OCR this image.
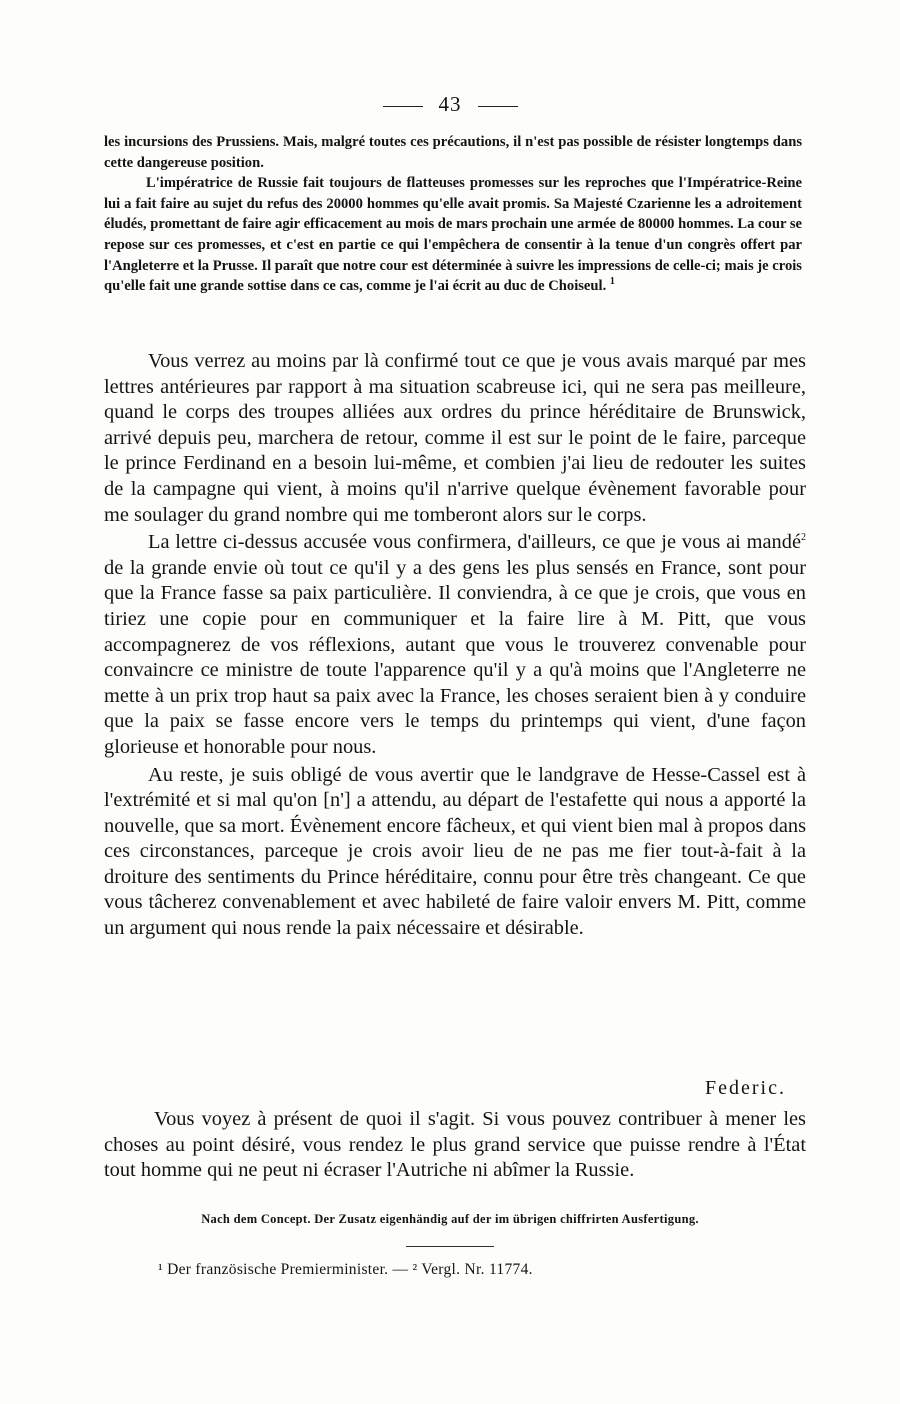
43

les incursions des Prussiens. Mais, malgré toutes ces précautions, il n'est pas possible de résister longtemps dans cette dangereuse position.

L'impératrice de Russie fait toujours de flatteuses promesses sur les reproches que l'Impératrice-Reine lui a fait faire au sujet du refus des 20000 hommes qu'elle avait promis. Sa Majesté Czarienne les a adroitement éludés, promettant de faire agir efficacement au mois de mars prochain une armée de 80000 hommes. La cour se repose sur ces promesses, et c'est en partie ce qui l'empêchera de consentir à la tenue d'un congrès offert par l'Angleterre et la Prusse. Il paraît que notre cour est déterminée à suivre les impressions de celle-ci; mais je crois qu'elle fait une grande sottise dans ce cas, comme je l'ai écrit au duc de Choiseul. $^1$

Vous verrez au moins par là confirmé tout ce que je vous avais marqué par mes lettres antérieures par rapport à ma situation scabreuse ici, qui ne sera pas meilleure, quand le corps des troupes alliées aux ordres du prince héréditaire de Brunswick, arrivé depuis peu, marchera de retour, comme il est sur le point de le faire, parceque le prince Ferdinand en a besoin lui-même, et combien j'ai lieu de redouter les suites de la campagne qui vient, à moins qu'il n'arrive quelque évènement favorable pour me soulager du grand nombre qui me tomberont alors sur le corps.

La lettre ci-dessus accusée vous confirmera, d'ailleurs, ce que je vous ai mandé$^2$ de la grande envie où tout ce qu'il y a des gens les plus sensés en France, sont pour que la France fasse sa paix particulière. Il conviendra, à ce que je crois, que vous en tiriez une copie pour en communiquer et la faire lire à M. Pitt, que vous accompagnerez de vos réflexions, autant que vous le trouverez convenable pour convaincre ce ministre de toute l'apparence qu'il y a qu'à moins que l'Angleterre ne mette à un prix trop haut sa paix avec la France, les choses seraient bien à y conduire que la paix se fasse encore vers le temps du printemps qui vient, d'une façon glorieuse et honorable pour nous.

Au reste, je suis obligé de vous avertir que le landgrave de Hesse-Cassel est à l'extrémité et si mal qu'on [n'] a attendu, au départ de l'estafette qui nous a apporté la nouvelle, que sa mort. Évènement encore fâcheux, et qui vient bien mal à propos dans ces circonstances, parceque je crois avoir lieu de ne pas me fier tout-à-fait à la droiture des sentiments du Prince héréditaire, connu pour être très changeant. Ce que vous tâcherez convenablement et avec habileté de faire valoir envers M. Pitt, comme un argument qui nous rende la paix nécessaire et désirable.

Federic.

Vous voyez à présent de quoi il s'agit. Si vous pouvez contribuer à mener les choses au point désiré, vous rendez le plus grand service que puisse rendre à l'État tout homme qui ne peut ni écraser l'Autriche ni abîmer la Russie.

Nach dem Concept. Der Zusatz eigenhändig auf der im übrigen chiffrirten Ausfertigung.
¹ Der französische Premierminister. — ² Vergl. Nr. 11774.
